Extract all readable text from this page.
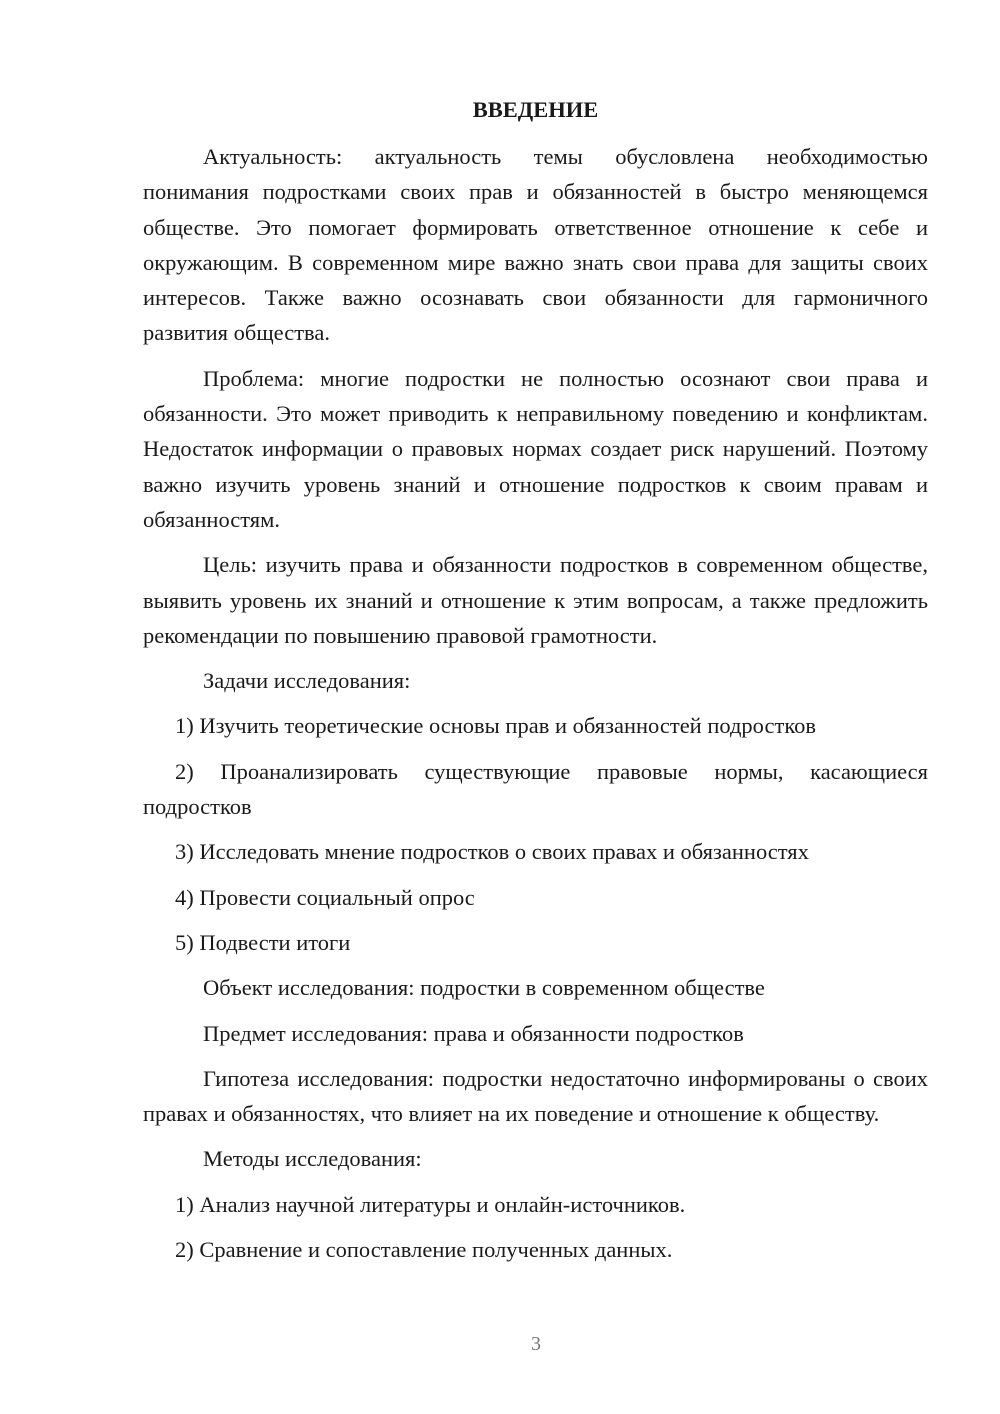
ВВЕДЕНИЕ

Актуальность: актуальность темы обусловлена необходимостью понимания подростками своих прав и обязанностей в быстро меняющемся обществе. Это помогает формировать ответственное отношение к себе и окружающим. В современном мире важно знать свои права для защиты своих интересов. Также важно осознавать свои обязанности для гармоничного развития общества.

Проблема: многие подростки не полностью осознают свои права и обязанности. Это может приводить к неправильному поведению и конфликтам. Недостаток информации о правовых нормах создает риск нарушений. Поэтому важно изучить уровень знаний и отношение подростков к своим правам и обязанностям.

Цель: изучить права и обязанности подростков в современном обществе, выявить уровень их знаний и отношение к этим вопросам, а также предложить рекомендации по повышению правовой грамотности.

Задачи исследования:

1) Изучить теоретические основы прав и обязанностей подростков

2) Проанализировать существующие правовые нормы, касающиеся подростков

3) Исследовать мнение подростков о своих правах и обязанностях

4) Провести социальный опрос

5) Подвести итоги

Объект исследования: подростки в современном обществе

Предмет исследования: права и обязанности подростков

Гипотеза исследования: подростки недостаточно информированы о своих правах и обязанностях, что влияет на их поведение и отношение к обществу.

Методы исследования:

1) Анализ научной литературы и онлайн-источников.

2) Сравнение и сопоставление полученных данных.

3
